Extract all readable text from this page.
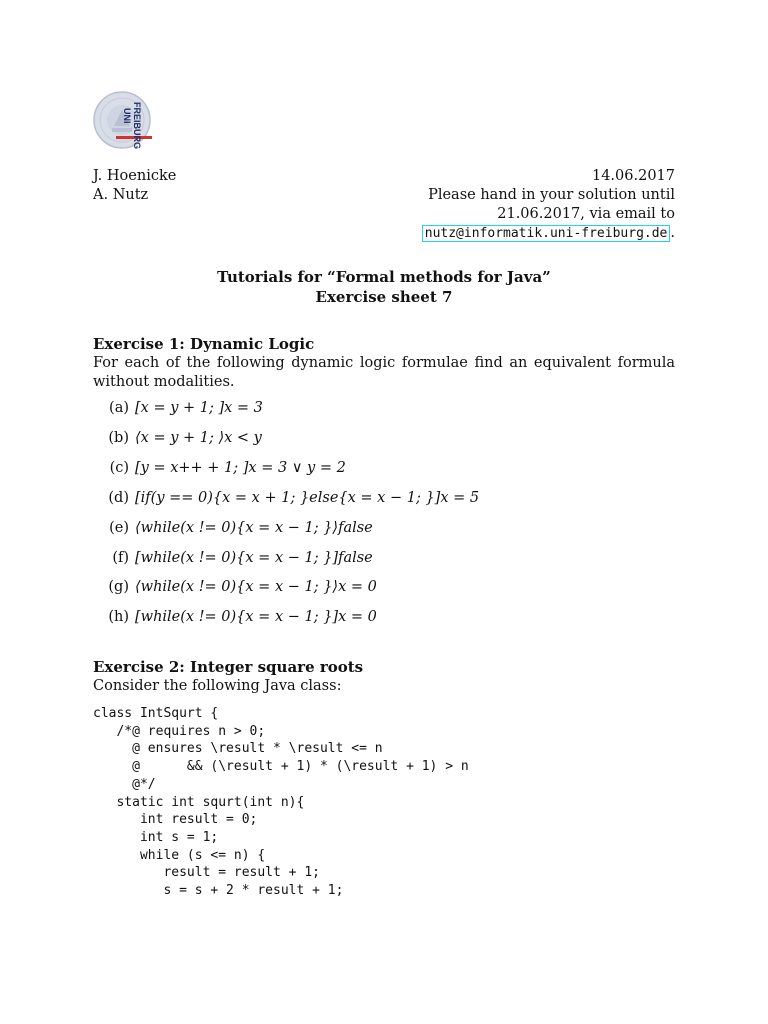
UNI FREIBURG
J. Hoenicke
A. Nutz
14.06.2017
Please hand in your solution until
21.06.2017, via email to
nutz@informatik.uni-freiburg.de .
Tutorials for “Formal methods for Java”
Exercise sheet 7
Exercise 1: Dynamic Logic

For each of the following dynamic logic formulae find an equivalent formula without modalities.

(a) [x = y + 1; ]x = 3
(b) ⟨x = y + 1; ⟩x < y
(c) [y = x++ + 1; ]x = 3 ∨ y = 2
(d) [if(y == 0){x = x + 1; }else{x = x − 1; }]x = 5
(e) ⟨while(x != 0){x = x − 1; }⟩false
(f) [while(x != 0){x = x − 1; }]false
(g) ⟨while(x != 0){x = x − 1; }⟩x = 0
(h) [while(x != 0){x = x − 1; }]x = 0
Exercise 2: Integer square roots

Consider the following Java class:

class IntSqurt {
/*@ requires n > 0;
@ ensures \result * \result <= n
@      && (\result + 1) * (\result + 1) > n
@*/
static int squrt(int n){
int result = 0;
int s = 1;
while (s <= n) {
result = result + 1;
s = s + 2 * result + 1;
